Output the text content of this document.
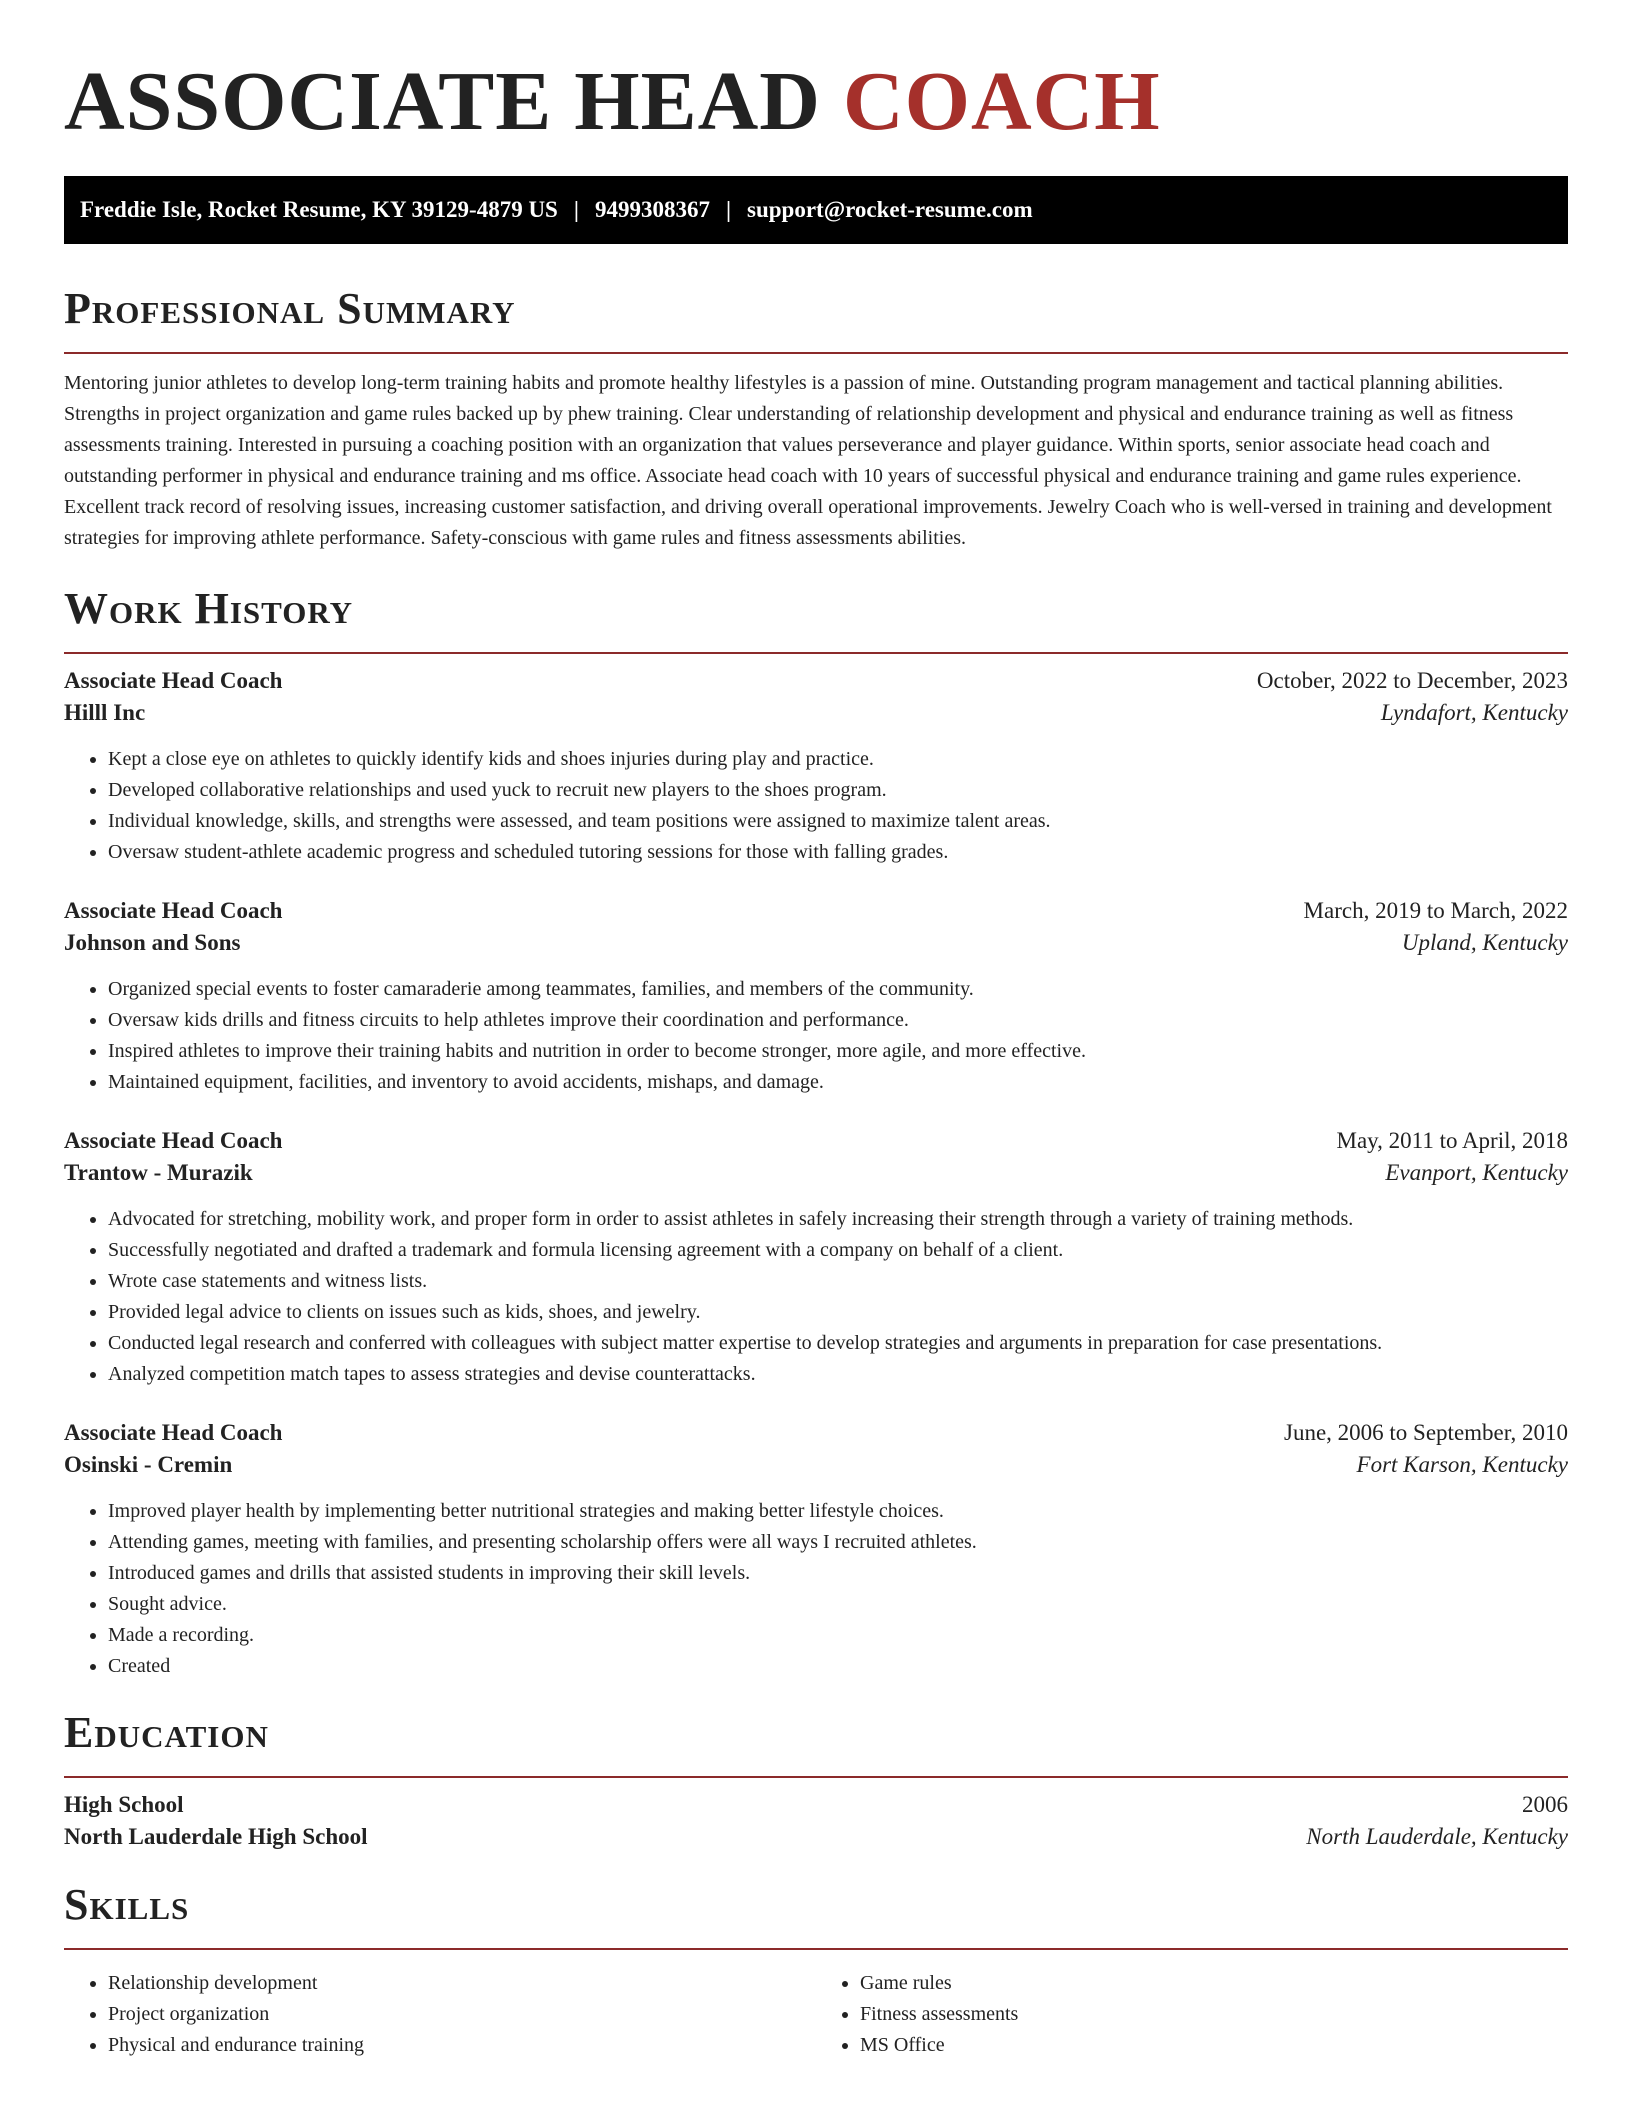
ASSOCIATE HEAD COACH
Freddie Isle, Rocket Resume, KY 39129-4879 US | 9499308367 | support@rocket-resume.com
Professional Summary

Mentoring junior athletes to develop long-term training habits and promote healthy lifestyles is a passion of mine. Outstanding program management and tactical planning abilities. Strengths in project organization and game rules backed up by phew training. Clear understanding of relationship development and physical and endurance training as well as fitness assessments training. Interested in pursuing a coaching position with an organization that values perseverance and player guidance. Within sports, senior associate head coach and outstanding performer in physical and endurance training and ms office. Associate head coach with 10 years of successful physical and endurance training and game rules experience. Excellent track record of resolving issues, increasing customer satisfaction, and driving overall operational improvements. Jewelry Coach who is well-versed in training and development strategies for improving athlete performance. Safety-conscious with game rules and fitness assessments abilities.

Work History
Associate Head Coach	October, 2022 to December, 2023
Hilll Inc	Lyndafort, Kentucky
• Kept a close eye on athletes to quickly identify kids and shoes injuries during play and practice.
• Developed collaborative relationships and used yuck to recruit new players to the shoes program.
• Individual knowledge, skills, and strengths were assessed, and team positions were assigned to maximize talent areas.
• Oversaw student-athlete academic progress and scheduled tutoring sessions for those with falling grades.
Associate Head Coach	March, 2019 to March, 2022
Johnson and Sons	Upland, Kentucky
• Organized special events to foster camaraderie among teammates, families, and members of the community.
• Oversaw kids drills and fitness circuits to help athletes improve their coordination and performance.
• Inspired athletes to improve their training habits and nutrition in order to become stronger, more agile, and more effective.
• Maintained equipment, facilities, and inventory to avoid accidents, mishaps, and damage.
Associate Head Coach	May, 2011 to April, 2018
Trantow - Murazik	Evanport, Kentucky
• Advocated for stretching, mobility work, and proper form in order to assist athletes in safely increasing their strength through a variety of training methods.
• Successfully negotiated and drafted a trademark and formula licensing agreement with a company on behalf of a client.
• Wrote case statements and witness lists.
• Provided legal advice to clients on issues such as kids, shoes, and jewelry.
• Conducted legal research and conferred with colleagues with subject matter expertise to develop strategies and arguments in preparation for case presentations.
• Analyzed competition match tapes to assess strategies and devise counterattacks.
Associate Head Coach	June, 2006 to September, 2010
Osinski - Cremin	Fort Karson, Kentucky
• Improved player health by implementing better nutritional strategies and making better lifestyle choices.
• Attending games, meeting with families, and presenting scholarship offers were all ways I recruited athletes.
• Introduced games and drills that assisted students in improving their skill levels.
• Sought advice.
• Made a recording.
• Created
Education
High School	2006
North Lauderdale High School	North Lauderdale, Kentucky
Skills
• Relationship development
• Project organization
• Physical and endurance training
• Game rules
• Fitness assessments
• MS Office
